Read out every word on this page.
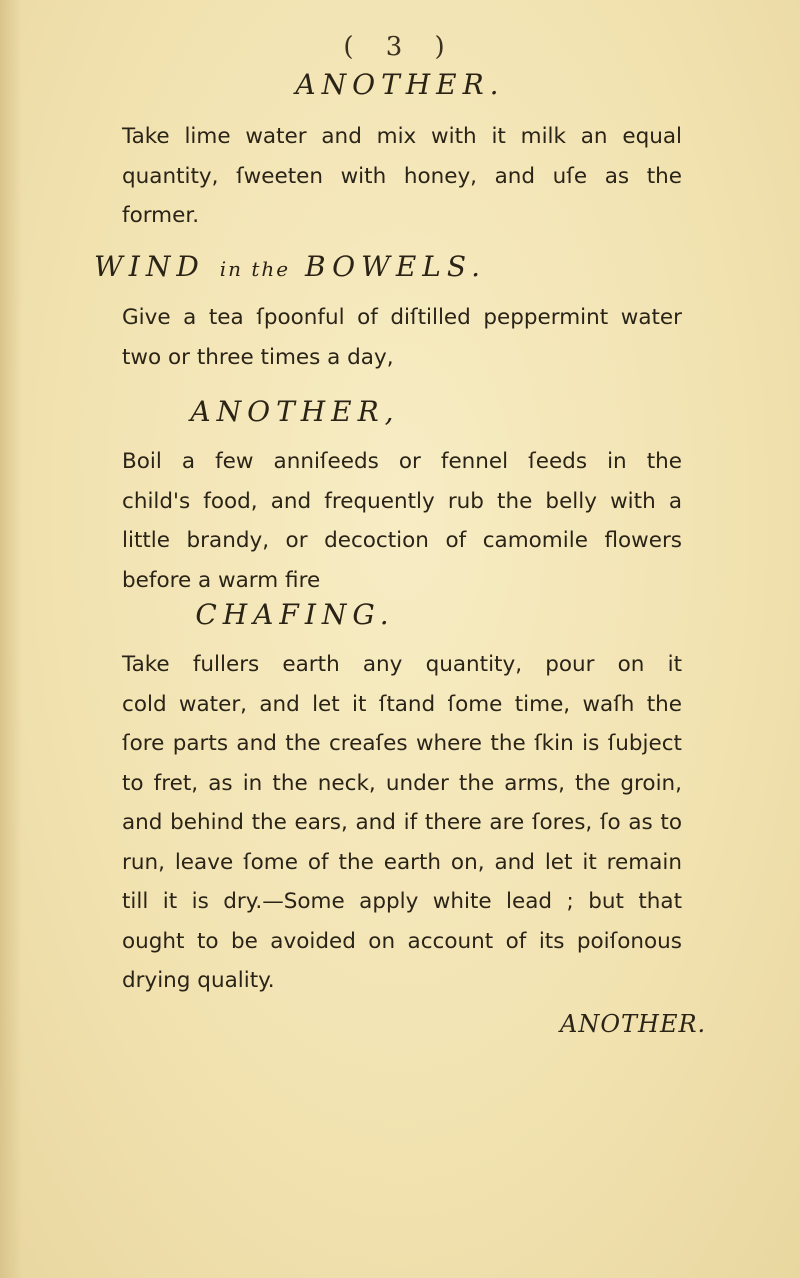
( 3 )
ANOTHER.
Take lime water and mix with it milk an equal
quantity, ſweeten with honey, and uſe as the
former.
WIND in the BOWELS.
Give a tea ſpoonful of diſtilled peppermint water
two or three times a day,
ANOTHER,
Boil a few anniſeeds or fennel ſeeds in the
child's food, and frequently rub the belly with a
little brandy, or decoction of camomile flowers
before a warm fire
CHAFING.
Take fullers earth any quantity, pour on it
cold water, and let it ſtand ſome time, waſh the
ſore parts and the creaſes where the ſkin is ſubject
to fret, as in the neck, under the arms, the groin,
and behind the ears, and if there are ſores, ſo as to
run, leave ſome of the earth on, and let it remain
till it is dry.—Some apply white lead ; but that
ought to be avoided on account of its poiſonous
drying quality.
ANOTHER.
